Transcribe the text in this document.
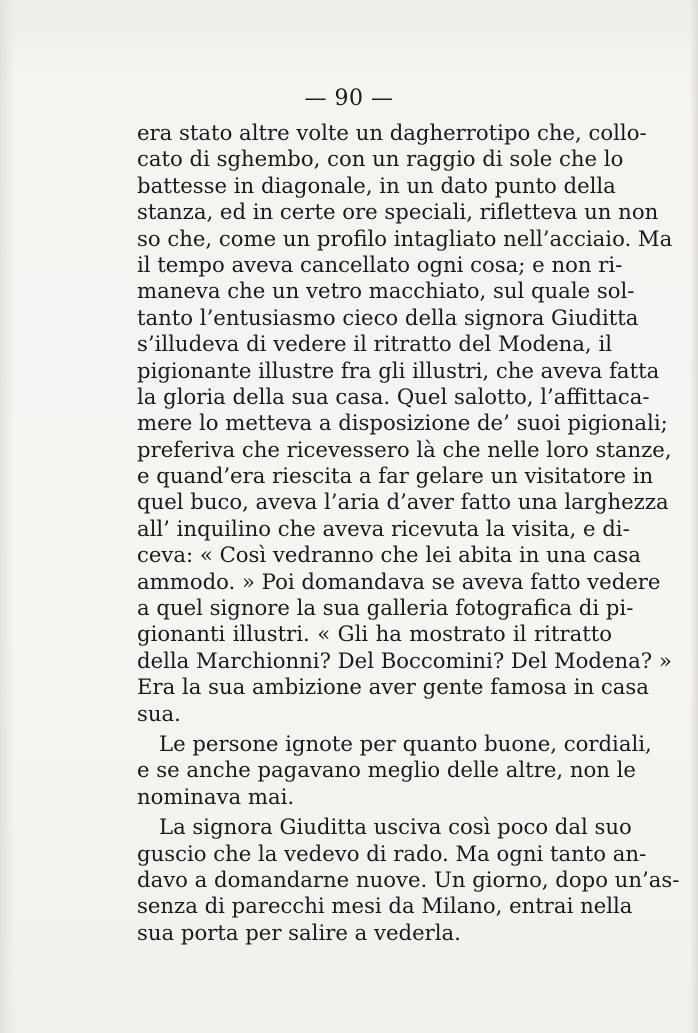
— 90 —

era stato altre volte un dagherrotipo che, collo-
cato di sghembo, con un raggio di sole che lo
battesse in diagonale, in un dato punto della
stanza, ed in certe ore speciali, rifletteva un non
so che, come un profilo intagliato nell’acciaio. Ma
il tempo aveva cancellato ogni cosa; e non ri-
maneva che un vetro macchiato, sul quale sol-
tanto l’entusiasmo cieco della signora Giuditta
s’illudeva di vedere il ritratto del Modena, il
pigionante illustre fra gli illustri, che aveva fatta
la gloria della sua casa. Quel salotto, l’affittaca-
mere lo metteva a disposizione de’ suoi pigionali;
preferiva che ricevessero là che nelle loro stanze,
e quand’era riescita a far gelare un visitatore in
quel buco, aveva l’aria d’aver fatto una larghezza
all’ inquilino che aveva ricevuta la visita, e di-
ceva: « Così vedranno che lei abita in una casa
ammodo. » Poi domandava se aveva fatto vedere
a quel signore la sua galleria fotografica di pi-
gionanti illustri. « Gli ha mostrato il ritratto
della Marchionni? Del Boccomini? Del Modena? »
Era la sua ambizione aver gente famosa in casa
sua.
Le persone ignote per quanto buone, cordiali,
e se anche pagavano meglio delle altre, non le
nominava mai.
La signora Giuditta usciva così poco dal suo
guscio che la vedevo di rado. Ma ogni tanto an-
davo a domandarne nuove. Un giorno, dopo un’as-
senza di parecchi mesi da Milano, entrai nella
sua porta per salire a vederla.
